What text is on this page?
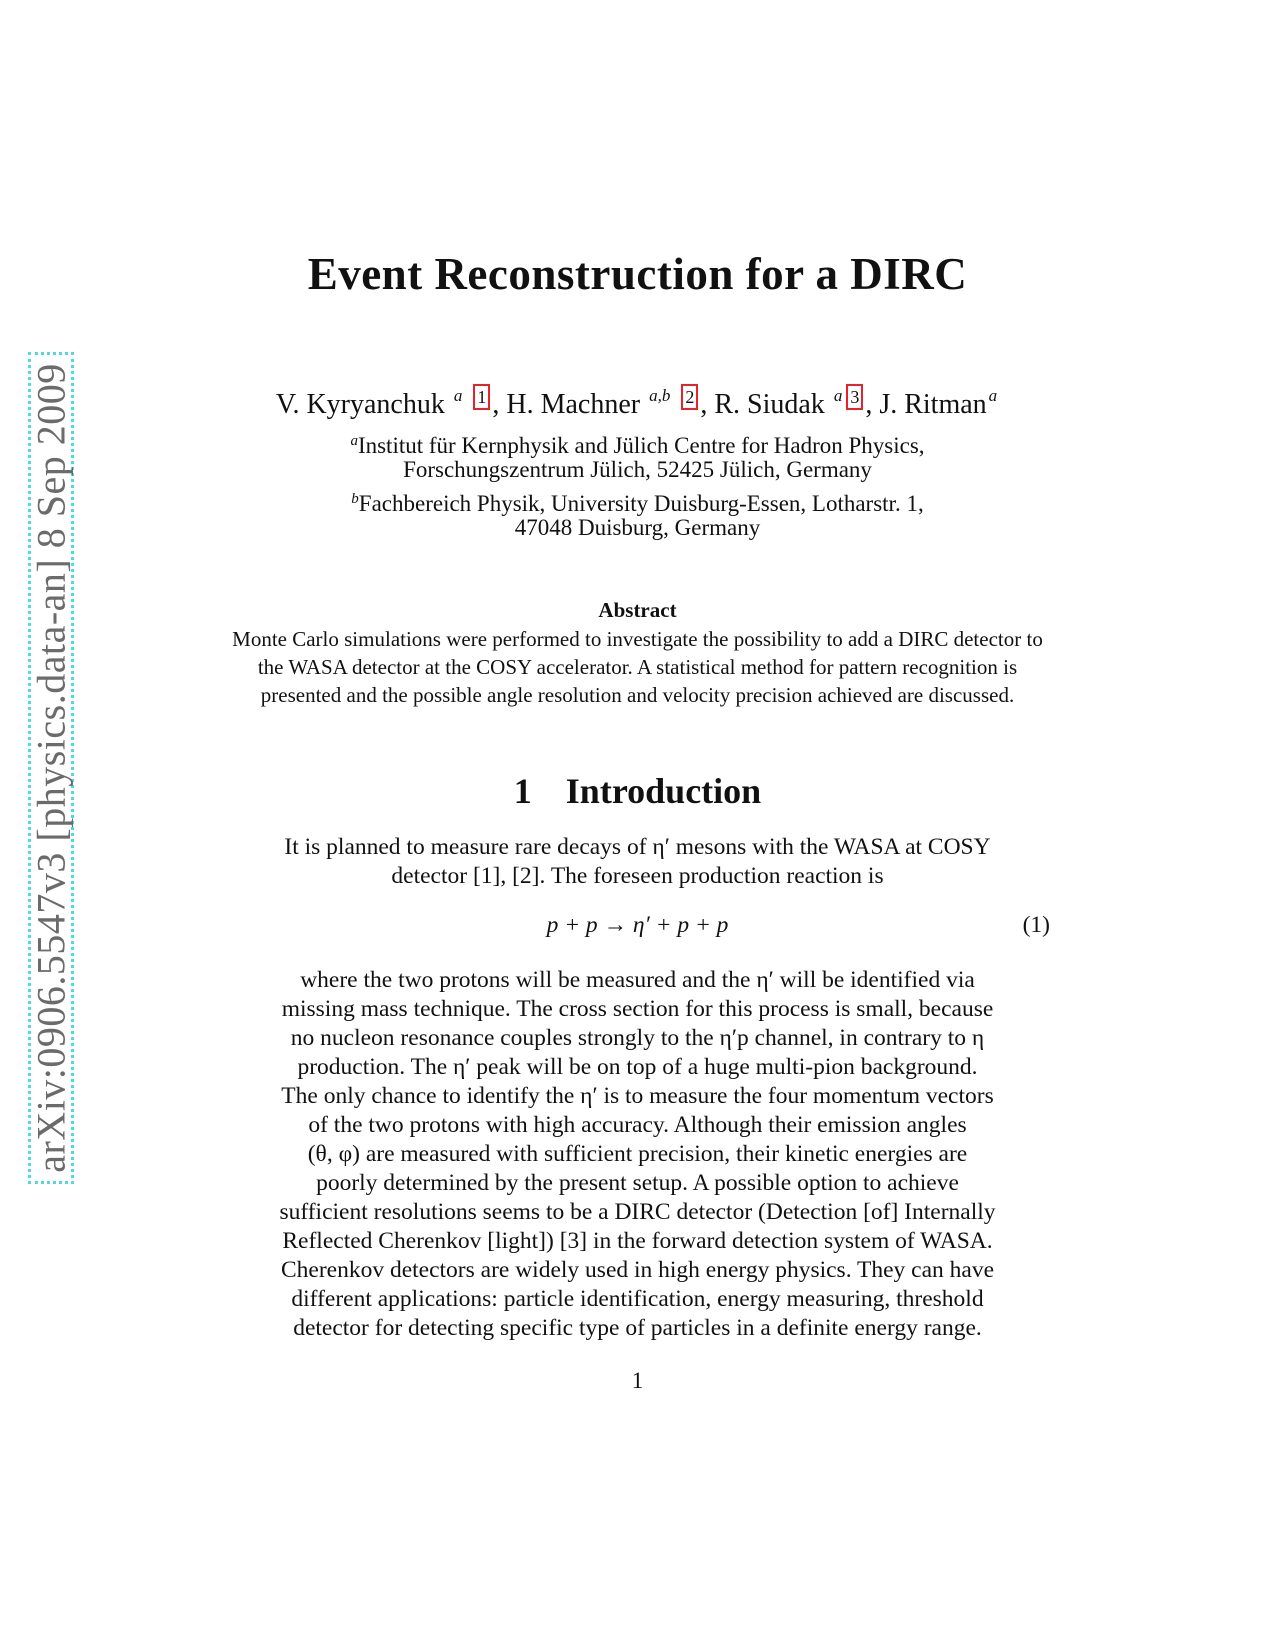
arXiv:0906.5547v3 [physics.data-an] 8 Sep 2009
Event Reconstruction for a DIRC
V. Kyryanchuk $^a$ 1 , H. Machner $^{a,b}$ 2 , R. Siudak $^a$ 3 , J. Ritman $^a$
$^a$Institut für Kernphysik and Jülich Centre for Hadron Physics,
Forschungszentrum Jülich, 52425 Jülich, Germany
$^b$Fachbereich Physik, University Duisburg-Essen, Lotharstr. 1,
47048 Duisburg, Germany
Abstract
Monte Carlo simulations were performed to investigate the possibility to add a DIRC detector to the WASA detector at the COSY accelerator. A statistical method for pattern recognition is presented and the possible angle resolution and velocity precision achieved are discussed.
1 Introduction
It is planned to measure rare decays of η′ mesons with the WASA at COSY
detector [1], [2]. The foreseen production reaction is
p + p → η′ + p + p	(1)
where the two protons will be measured and the η′ will be identified via
missing mass technique. The cross section for this process is small, because
no nucleon resonance couples strongly to the η′p channel, in contrary to η
production. The η′ peak will be on top of a huge multi-pion background.
The only chance to identify the η′ is to measure the four momentum vectors
of the two protons with high accuracy. Although their emission angles
(θ, φ) are measured with sufficient precision, their kinetic energies are
poorly determined by the present setup. A possible option to achieve
sufficient resolutions seems to be a DIRC detector (Detection [of] Internally
Reflected Cherenkov [light]) [3] in the forward detection system of WASA.
Cherenkov detectors are widely used in high energy physics. They can have
different applications: particle identification, energy measuring, threshold
detector for detecting specific type of particles in a definite energy range.
1
